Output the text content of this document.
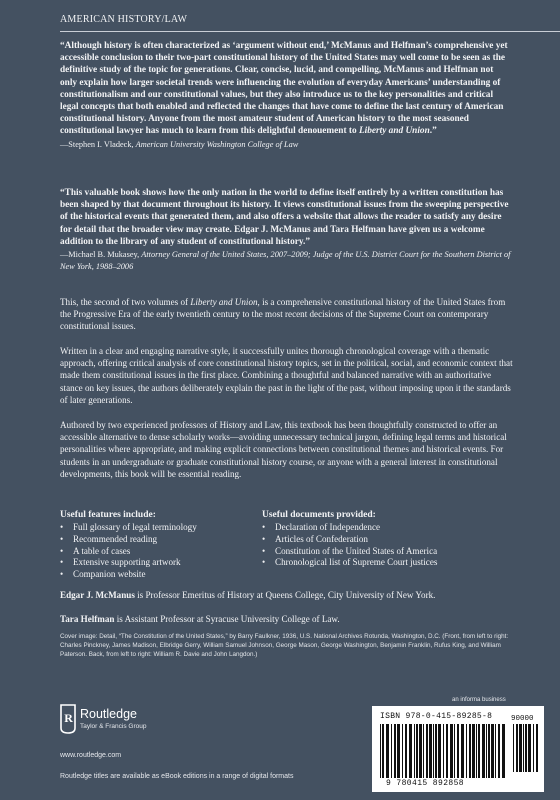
AMERICAN HISTORY/LAW
“Although history is often characterized as ‘argument without end,’ McManus and Helfman’s comprehensive yet accessible conclusion to their two-part constitutional history of the United States may well come to be seen as the definitive study of the topic for generations. Clear, concise, lucid, and compelling, McManus and Helfman not only explain how larger societal trends were influencing the evolution of everyday Americans’ understanding of constitutionalism and our constitutional values, but they also introduce us to the key personalities and critical legal concepts that both enabled and reflected the changes that have come to define the last century of American constitutional history. Anyone from the most amateur student of American history to the most seasoned constitutional lawyer has much to learn from this delightful denouement to Liberty and Union.”
—Stephen I. Vladeck, American University Washington College of Law
“This valuable book shows how the only nation in the world to define itself entirely by a written constitution has been shaped by that document throughout its history. It views constitutional issues from the sweeping perspective of the historical events that generated them, and also offers a website that allows the reader to satisfy any desire for detail that the broader view may create. Edgar J. McManus and Tara Helfman have given us a welcome addition to the library of any student of constitutional history.”
—Michael B. Mukasey, Attorney General of the United States, 2007–2009; Judge of the U.S. District Court for the Southern District of New York, 1988–2006

This, the second of two volumes of Liberty and Union, is a comprehensive constitutional history of the United States from the Progressive Era of the early twentieth century to the most recent decisions of the Supreme Court on contemporary constitutional issues.

Written in a clear and engaging narrative style, it successfully unites thorough chronological coverage with a thematic approach, offering critical analysis of core constitutional history topics, set in the political, social, and economic context that made them constitutional issues in the first place. Combining a thoughtful and balanced narrative with an authoritative stance on key issues, the authors deliberately explain the past in the light of the past, without imposing upon it the standards of later generations.

Authored by two experienced professors of History and Law, this textbook has been thoughtfully constructed to offer an accessible alternative to dense scholarly works—avoiding unnecessary technical jargon, defining legal terms and historical personalities where appropriate, and making explicit connections between constitutional themes and historical events. For students in an undergraduate or graduate constitutional history course, or anyone with a general interest in constitutional developments, this book will be essential reading.

Useful features include:
• Full glossary of legal terminology
• Recommended reading
• A table of cases
• Extensive supporting artwork
• Companion website
Useful documents provided:
• Declaration of Independence
• Articles of Confederation
• Constitution of the United States of America
• Chronological list of Supreme Court justices
Edgar J. McManus is Professor Emeritus of History at Queens College, City University of New York.
Tara Helfman is Assistant Professor at Syracuse University College of Law.
Cover image: Detail, “The Constitution of the United States,” by Barry Faulkner, 1936, U.S. National Archives Rotunda, Washington, D.C. (Front, from left to right: Charles Pinckney, James Madison, Elbridge Gerry, William Samuel Johnson, George Mason, George Washington, Benjamin Franklin, Rufus King, and William Paterson. Back, from left to right: William R. Davie and John Langdon.)
R Routledge
Taylor & Francis Group
www.routledge.com
Routledge titles are available as eBook editions in a range of digital formats
an informa business
ISBN 978-0-415-89285-8	90000
9 780415 892858
